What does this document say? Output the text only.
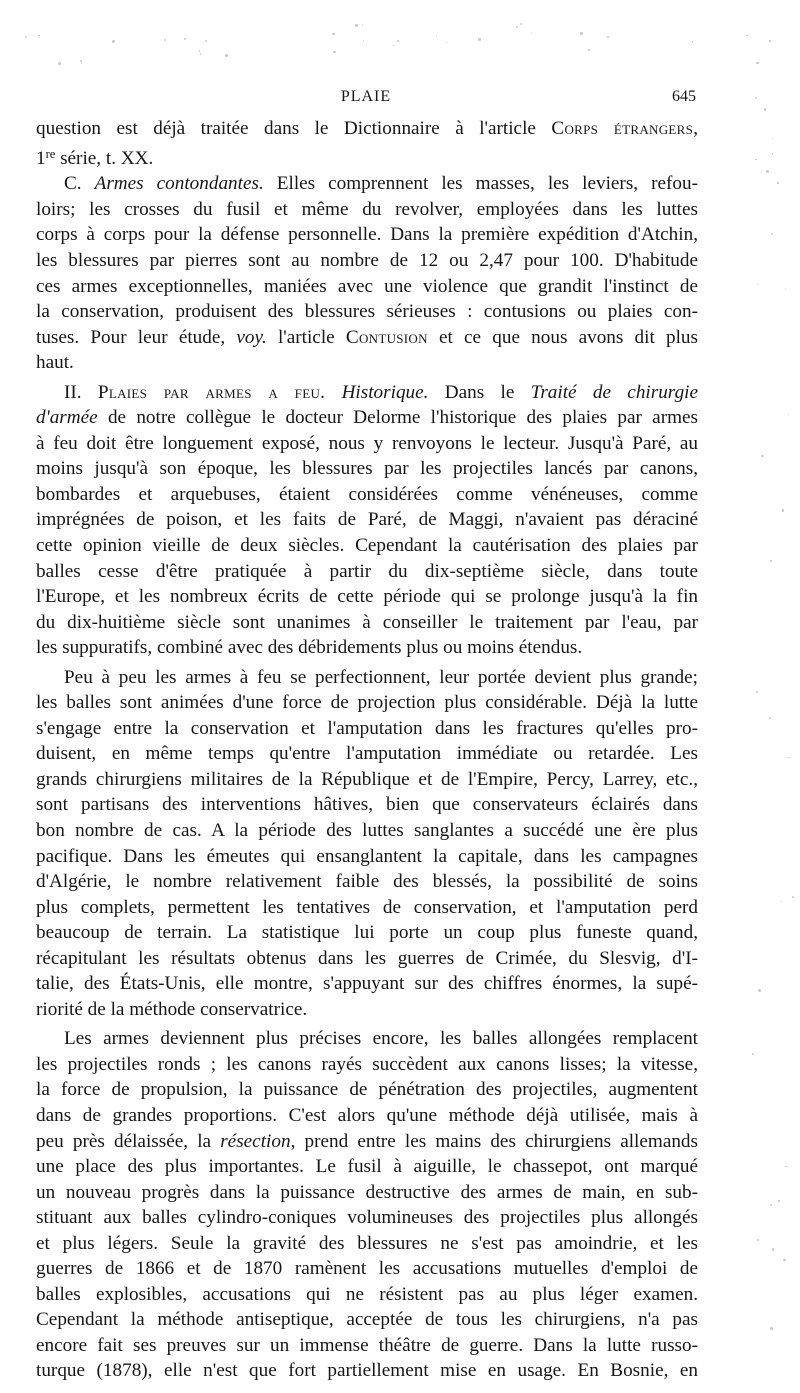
PLAIE	645
question est déjà traitée dans le Dictionnaire à l'article Corps étrangers,
1re série, t. XX.
C. Armes contondantes. Elles comprennent les masses, les leviers, refou-
loirs; les crosses du fusil et même du revolver, employées dans les luttes
corps à corps pour la défense personnelle. Dans la première expédition d'Atchin,
les blessures par pierres sont au nombre de 12 ou 2,47 pour 100. D'habitude
ces armes exceptionnelles, maniées avec une violence que grandit l'instinct de
la conservation, produisent des blessures sérieuses : contusions ou plaies con-
tuses. Pour leur étude, voy. l'article Contusion et ce que nous avons dit plus
haut.
II. Plaies par armes a feu. Historique. Dans le Traité de chirurgie
d'armée de notre collègue le docteur Delorme l'historique des plaies par armes
à feu doit être longuement exposé, nous y renvoyons le lecteur. Jusqu'à Paré, au
moins jusqu'à son époque, les blessures par les projectiles lancés par canons,
bombardes et arquebuses, étaient considérées comme vénéneuses, comme
imprégnées de poison, et les faits de Paré, de Maggi, n'avaient pas déraciné
cette opinion vieille de deux siècles. Cependant la cautérisation des plaies par
balles cesse d'être pratiquée à partir du dix-septième siècle, dans toute
l'Europe, et les nombreux écrits de cette période qui se prolonge jusqu'à la fin
du dix-huitième siècle sont unanimes à conseiller le traitement par l'eau, par
les suppuratifs, combiné avec des débridements plus ou moins étendus.
Peu à peu les armes à feu se perfectionnent, leur portée devient plus grande;
les balles sont animées d'une force de projection plus considérable. Déjà la lutte
s'engage entre la conservation et l'amputation dans les fractures qu'elles pro-
duisent, en même temps qu'entre l'amputation immédiate ou retardée. Les
grands chirurgiens militaires de la République et de l'Empire, Percy, Larrey, etc.,
sont partisans des interventions hâtives, bien que conservateurs éclairés dans
bon nombre de cas. A la période des luttes sanglantes a succédé une ère plus
pacifique. Dans les émeutes qui ensanglantent la capitale, dans les campagnes
d'Algérie, le nombre relativement faible des blessés, la possibilité de soins
plus complets, permettent les tentatives de conservation, et l'amputation perd
beaucoup de terrain. La statistique lui porte un coup plus funeste quand,
récapitulant les résultats obtenus dans les guerres de Crimée, du Slesvig, d'I-
talie, des États-Unis, elle montre, s'appuyant sur des chiffres énormes, la supé-
riorité de la méthode conservatrice.
Les armes deviennent plus précises encore, les balles allongées remplacent
les projectiles ronds ; les canons rayés succèdent aux canons lisses; la vitesse,
la force de propulsion, la puissance de pénétration des projectiles, augmentent
dans de grandes proportions. C'est alors qu'une méthode déjà utilisée, mais à
peu près délaissée, la résection, prend entre les mains des chirurgiens allemands
une place des plus importantes. Le fusil à aiguille, le chassepot, ont marqué
un nouveau progrès dans la puissance destructive des armes de main, en sub-
stituant aux balles cylindro-coniques volumineuses des projectiles plus allongés
et plus légers. Seule la gravité des blessures ne s'est pas amoindrie, et les
guerres de 1866 et de 1870 ramènent les accusations mutuelles d'emploi de
balles explosibles, accusations qui ne résistent pas au plus léger examen.
Cependant la méthode antiseptique, acceptée de tous les chirurgiens, n'a pas
encore fait ses preuves sur un immense théâtre de guerre. Dans la lutte russo-
turque (1878), elle n'est que fort partiellement mise en usage. En Bosnie, en
